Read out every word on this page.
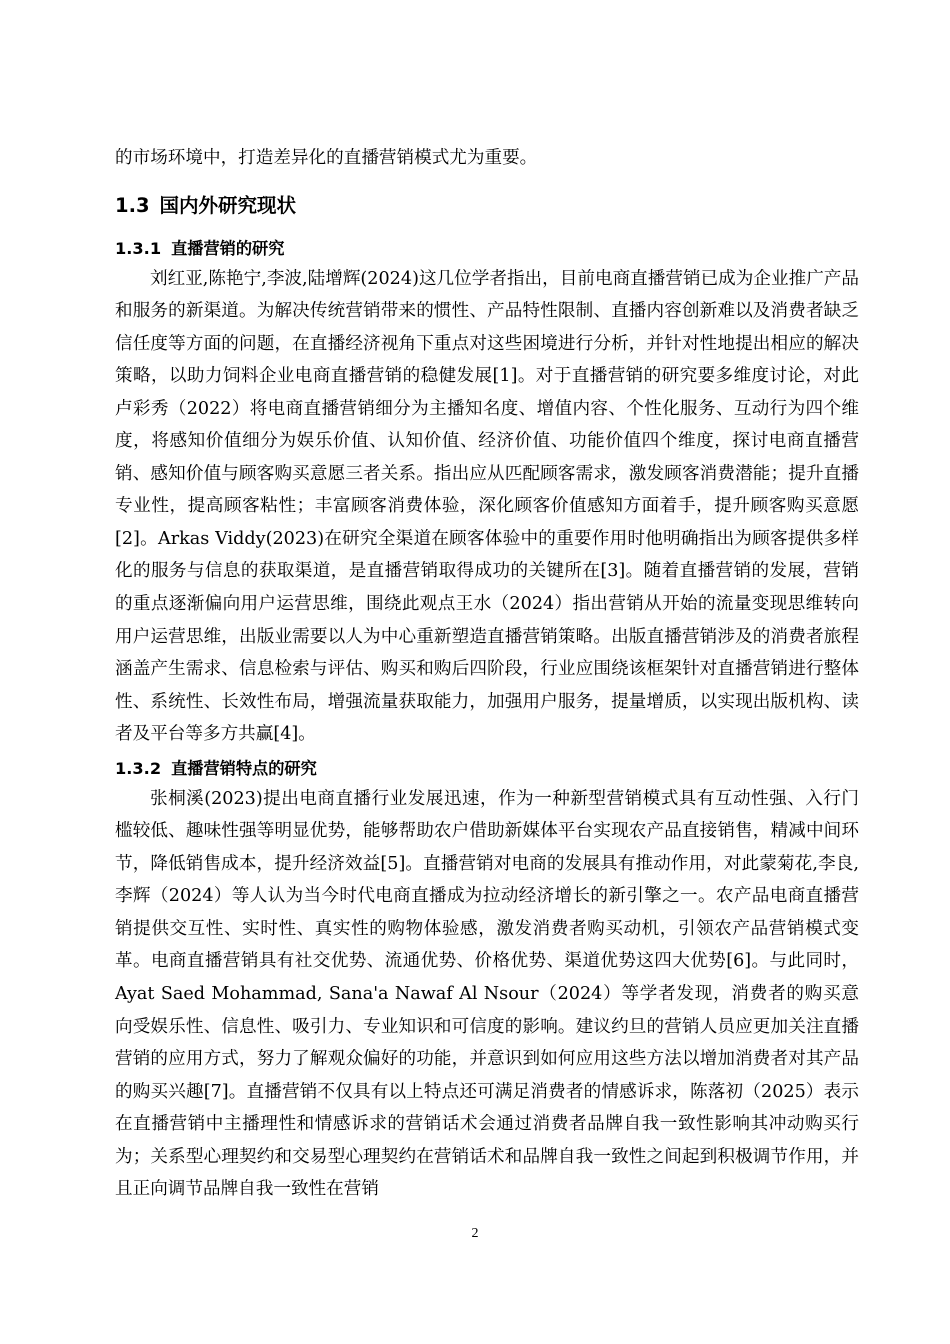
的市场环境中，打造差异化的直播营销模式尤为重要。

1.3 国内外研究现状
1.3.1 直播营销的研究

刘红亚,陈艳宁,李波,陆增辉(2024)这几位学者指出，目前电商直播营销已成为企业推广产品和服务的新渠道。为解决传统营销带来的惯性、产品特性限制、直播内容创新难以及消费者缺乏信任度等方面的问题，在直播经济视角下重点对这些困境进行分析，并针对性地提出相应的解决策略，以助力饲料企业电商直播营销的稳健发展[1]。对于直播营销的研究要多维度讨论，对此卢彩秀（2022）将电商直播营销细分为主播知名度、增值内容、个性化服务、互动行为四个维度，将感知价值细分为娱乐价值、认知价值、经济价值、功能价值四个维度，探讨电商直播营销、感知价值与顾客购买意愿三者关系。指出应从匹配顾客需求，激发顾客消费潜能；提升直播专业性，提高顾客粘性；丰富顾客消费体验，深化顾客价值感知方面着手，提升顾客购买意愿[2]。Arkas Viddy(2023)在研究全渠道在顾客体验中的重要作用时他明确指出为顾客提供多样化的服务与信息的获取渠道，是直播营销取得成功的关键所在[3]。随着直播营销的发展，营销的重点逐渐偏向用户运营思维，围绕此观点王水（2024）指出营销从开始的流量变现思维转向用户运营思维，出版业需要以人为中心重新塑造直播营销策略。出版直播营销涉及的消费者旅程涵盖产生需求、信息检索与评估、购买和购后四阶段，行业应围绕该框架针对直播营销进行整体性、系统性、长效性布局，增强流量获取能力，加强用户服务，提量增质，以实现出版机构、读者及平台等多方共赢[4]。

1.3.2 直播营销特点的研究

张桐溪(2023)提出电商直播行业发展迅速，作为一种新型营销模式具有互动性强、入行门槛较低、趣味性强等明显优势，能够帮助农户借助新媒体平台实现农产品直接销售，精减中间环节，降低销售成本，提升经济效益[5]。直播营销对电商的发展具有推动作用，对此蒙菊花,李良,李辉（2024）等人认为当今时代电商直播成为拉动经济增长的新引擎之一。农产品电商直播营销提供交互性、实时性、真实性的购物体验感，激发消费者购买动机，引领农产品营销模式变革。电商直播营销具有社交优势、流通优势、价格优势、渠道优势这四大优势[6]。与此同时，Ayat Saed Mohammad, Sana'a Nawaf Al Nsour（2024）等学者发现，消费者的购买意向受娱乐性、信息性、吸引力、专业知识和可信度的影响。建议约旦的营销人员应更加关注直播营销的应用方式，努力了解观众偏好的功能，并意识到如何应用这些方法以增加消费者对其产品的购买兴趣[7]。直播营销不仅具有以上特点还可满足消费者的情感诉求，陈落初（2025）表示在直播营销中主播理性和情感诉求的营销话术会通过消费者品牌自我一致性影响其冲动购买行为；关系型心理契约和交易型心理契约在营销话术和品牌自我一致性之间起到积极调节作用，并且正向调节品牌自我一致性在营销

2
